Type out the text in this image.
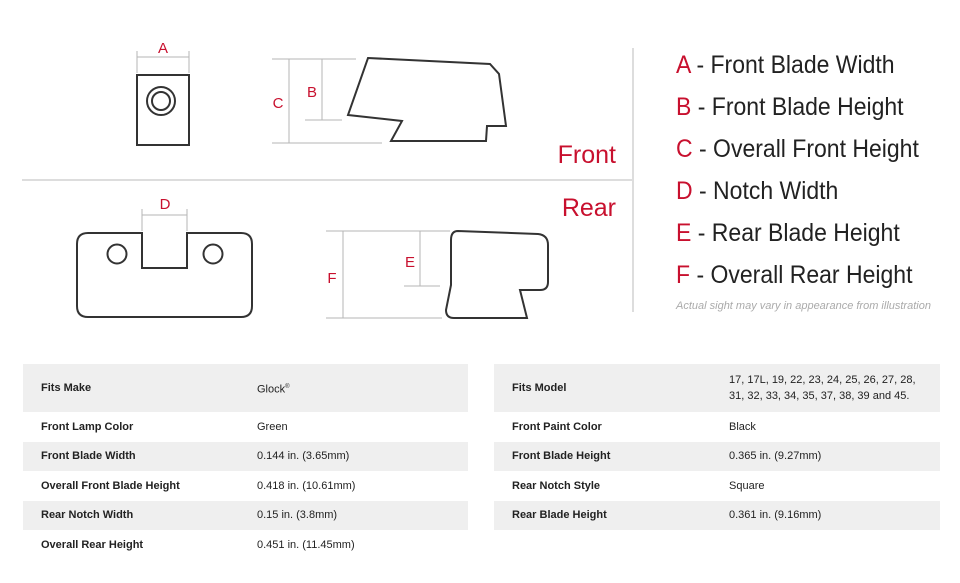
Front
Rear
A
B
C
D
E
F
A - Front Blade Width
B - Front Blade Height
C - Overall Front Height
D - Notch Width
E - Rear Blade Height
F - Overall Rear Height
Actual sight may vary in appearance from illustration
Fits Make	Glock®
Front Lamp Color	Green
Front Blade Width	0.144 in. (3.65mm)
Overall Front Blade Height	0.418 in. (10.61mm)
Rear Notch Width	0.15 in. (3.8mm)
Overall Rear Height	0.451 in. (11.45mm)
Fits Model	17, 17L, 19, 22, 23, 24, 25, 26, 27, 28, 31, 32, 33, 34, 35, 37, 38, 39 and 45.
Front Paint Color	Black
Front Blade Height	0.365 in. (9.27mm)
Rear Notch Style	Square
Rear Blade Height	0.361 in. (9.16mm)
